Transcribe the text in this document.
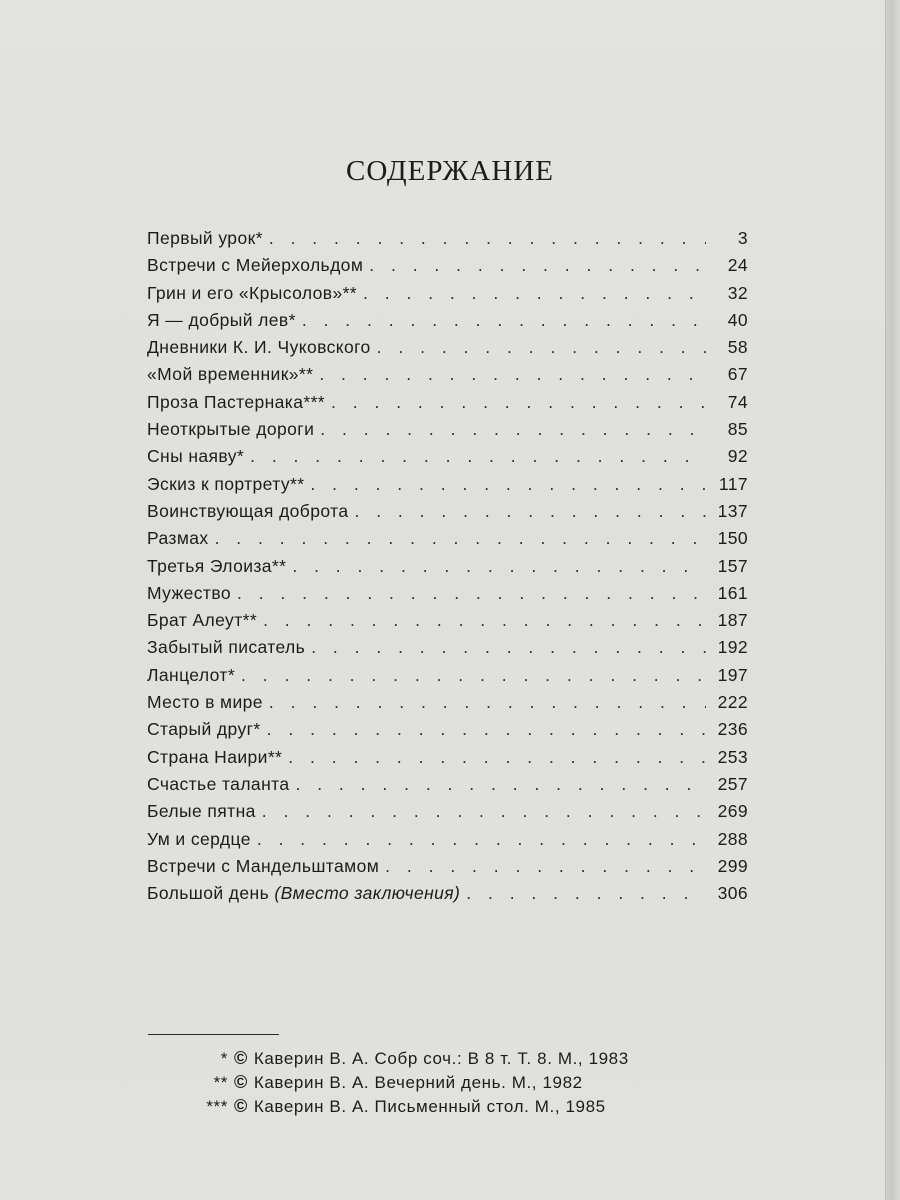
СОДЕРЖАНИЕ
Первый урок* . . .	3
Встречи с Мейерхольдом . . .	24
Грин и его «Крысолов»** . . .	32
Я — добрый лев* . . .	40
Дневники К. И. Чуковского . . .	58
«Мой временник»** . . .	67
Проза Пастернака*** . . .	74
Неоткрытые дороги . . .	85
Сны наяву* . . .	92
Эскиз к портрету** . . .	117
Воинствующая доброта . . .	137
Размах . . .	150
Третья Элоиза** . . .	157
Мужество . . .	161
Брат Алеут** . . .	187
Забытый писатель . . .	192
Ланцелот* . . .	197
Место в мире . . .	222
Старый друг* . . .	236
Страна Наири** . . .	253
Счастье таланта . . .	257
Белые пятна . . .	269
Ум и сердце . . .	288
Встречи с Мандельштамом . . .	299
Большой день (Вместо заключения) . . .	306
* © Каверин В. А. Собр соч.: В 8 т. Т. 8. М., 1983
** © Каверин В. А. Вечерний день. М., 1982
*** © Каверин В. А. Письменный стол. М., 1985
